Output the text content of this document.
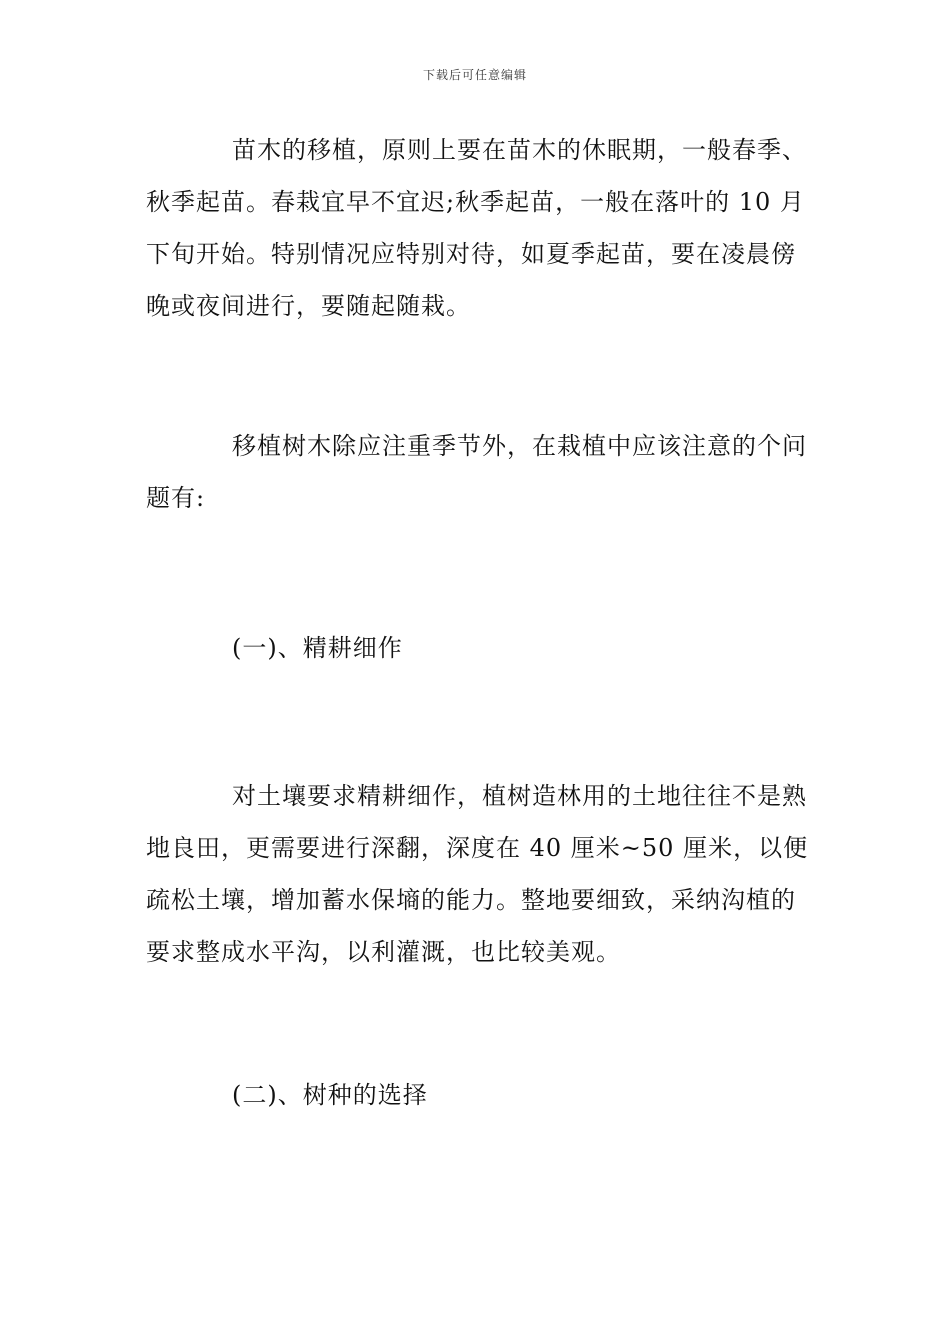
下载后可任意编辑

苗木的移植，原则上要在苗木的休眠期，一般春季、秋季起苗。春栽宜早不宜迟;秋季起苗，一般在落叶的 10 月下旬开始。特别情况应特别对待，如夏季起苗，要在凌晨傍晚或夜间进行，要随起随栽。

移植树木除应注重季节外，在栽植中应该注意的个问题有:

(一)、精耕细作

对土壤要求精耕细作，植树造林用的土地往往不是熟地良田，更需要进行深翻，深度在 40 厘米~50 厘米，以便疏松土壤，增加蓄水保墒的能力。整地要细致，采纳沟植的要求整成水平沟，以利灌溉，也比较美观。

(二)、树种的选择
